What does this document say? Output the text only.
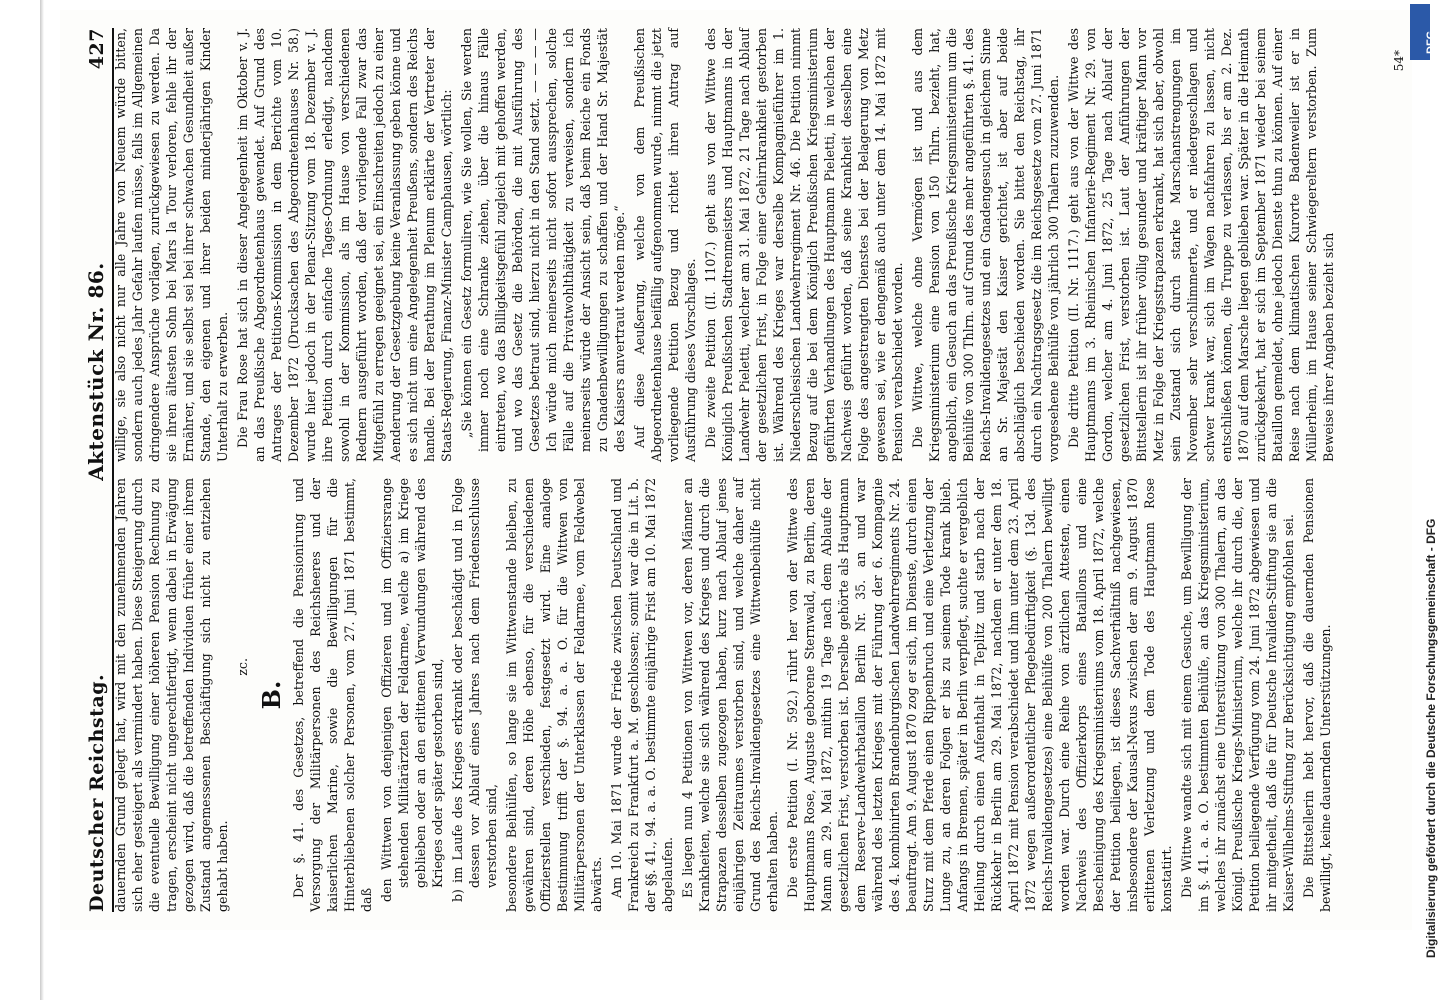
Deutscher Reichstag.
Aktenstück Nr. 86.
427

dauernden Grund gelegt hat, wird mit den zunehmenden Jahren sich eher gesteigert als vermindert haben. Diese Steigerung durch die eventuelle Bewilligung einer höheren Pension Rechnung zu tragen, erscheint nicht ungerechtfertigt, wenn dabei in Erwägung gezogen wird, daß die betreffenden Individuen früher einer ihrem Zustand angemessenen Beschäftigung sich nicht zu entziehen gehabt haben.

zc.

B. Der §. 41. des Gesetzes, betreffend die Pensionirung und Versorgung der Militärpersonen des Reichsheeres und der kaiserlichen Marine, sowie die Bewilligungen für die Hinterbliebenen solcher Personen, vom 27. Juni 1871 bestimmt, daß den Wittwen von denjenigen Offizieren und im Offiziersrange stehenden Militärärzten der Feldarmee, welche a) im Kriege geblieben oder an den erlittenen Verwundungen während des Krieges oder später gestorben sind, b) im Laufe des Krieges erkrankt oder beschädigt und in Folge dessen vor Ablauf eines Jahres nach dem Friedensschlusse verstorben sind, besondere Beihülfen, so lange sie im Wittwenstande bleiben, zu gewähren sind, deren Höhe ebenso, für die verschiedenen Offizierstellen verschieden, festgesetzt wird. Eine analoge Bestimmung trifft der §. 94. a. a. O. für die Wittwen von Militärpersonen der Unterklassen der Feldarmee, vom Feldwebel abwärts. Am 10. Mai 1871 wurde der Friede zwischen Deutschland und Frankreich zu Frankfurt a. M. geschlossen; somit war die in Lit. b. der §§. 41., 94. a. a. O. bestimmte einjährige Frist am 10. Mai 1872 abgelaufen. Es liegen nun 4 Petitionen von Wittwen vor, deren Männer an Krankheiten, welche sie sich während des Krieges und durch die Strapazen desselben zugezogen haben, kurz nach Ablauf jenes einjährigen Zeitraumes verstorben sind, und welche daher auf Grund des Reichs-Invalidengesetzes eine Wittwenbeihülfe nicht erhalten haben. Die erste Petition (I. Nr. 592.) rührt her von der Wittwe des Hauptmanns Rose, Auguste geborene Sternwald, zu Berlin, deren Mann am 29. Mai 1872, mithin 19 Tage nach dem Ablaufe der gesetzlichen Frist, verstorben ist. Derselbe gehörte als Hauptmann dem Reserve-Landwehrbataillon Berlin Nr. 35. an und war während des letzten Krieges mit der Führung der 6. Kompagnie des 4. kombinirten Brandenburgischen Landwehrregiments Nr. 24. beauftragt. Am 9. August 1870 zog er sich, im Dienste, durch einen Sturz mit dem Pferde einen Rippenbruch und eine Verletzung der Lunge zu, an deren Folgen er bis zu seinem Tode krank blieb. Anfangs in Bremen, später in Berlin verpflegt, suchte er vergeblich Heilung durch einen Aufenthalt in Teplitz und starb nach der Rückkehr in Berlin am 29. Mai 1872, nachdem er unter dem 18. April 1872 mit Pension verabschiedet und ihm unter dem 23. April 1872 wegen außerordentlicher Pflegebedürftigkeit (§. 13d. des Reichs-Invalidengesetzes) eine Beihülfe von 200 Thalern bewilligt worden war. Durch eine Reihe von ärztlichen Attesten, einen Nachweis des Offizierkorps eines Bataillons und eine Bescheinigung des Kriegsministeriums vom 18. April 1872, welche der Petition beiliegen, ist dieses Sachverhältniß nachgewiesen, insbesondere der Kausal-Nexus zwischen der am 9. August 1870 erlittenen Verletzung und dem Tode des Hauptmann Rose konstatirt. Die Wittwe wandte sich mit einem Gesuche, um Bewilligung der im §. 41. a. a. O. bestimmten Beihülfe, an das Kriegsministerium, welches ihr zunächst eine Unterstützung von 300 Thalern, an das Königl. Preußische Kriegs-Ministerium, welche ihr durch die, der Petition beiliegende Verfügung vom 24. Juni 1872 abgewiesen und ihr mitgetheilt, daß die für Deutsche Invaliden-Stiftung sie an die Kaiser-Wilhelms-Stiftung zur Berücksichtigung empfohlen sei. Die Bittstellerin hebt hervor, daß die dauernden Pensionen bewilligt, keine dauernden Unterstützungen.

willige, sie also nicht nur alle Jahre von Neuem würde bitten, sondern auch jedes Jahr Gefahr laufen müsse, falls im Allgemeinen dringendere Ansprüche vorlägen, zurückgewiesen zu werden. Da sie ihren ältesten Sohn bei Mars la Tour verloren, fehle ihr der Ernährer, und sie selbst sei bei ihrer schwachen Gesundheit außer Stande, den eigenen und ihrer beiden minderjährigen Kinder Unterhalt zu erwerben. Die Frau Rose hat sich in dieser Angelegenheit im Oktober v. J. an das Preußische Abgeordnetenhaus gewendet. Auf Grund des Antrages der Petitions-Kommission in dem Berichte vom 10. Dezember 1872 (Drucksachen des Abgeordnetenhauses Nr. 58.) wurde hier jedoch in der Plenar-Sitzung vom 18. Dezember v. J. ihre Petition durch einfache Tages-Ordnung erledigt, nachdem sowohl in der Kommission, als im Hause von verschiedenen Rednern ausgeführt worden, daß der vorliegende Fall zwar das Mitgefühl zu erregen geeignet sei, ein Einschreiten jedoch zu einer Aenderung der Gesetzgebung keine Veranlassung geben könne und es sich nicht um eine Angelegenheit Preußens, sondern des Reichs handle. Bei der Berathung im Plenum erklärte der Vertreter der Staats-Regierung, Finanz-Minister Camphausen, wörtlich: „Sie können ein Gesetz formuliren, wie Sie wollen, Sie werden immer noch eine Schranke ziehen, über die hinaus Fälle eintreten, wo das Billigkeitsgefühl zugleich mit gehoffen werden, und wo das Gesetz die Behörden, die mit Ausführung des Gesetzes betraut sind, hierzu nicht in den Stand setzt. — — — — Ich würde mich meinerseits nicht sofort aussprechen, solche Fälle auf die Privatwohlthätigkeit zu verweisen, sondern ich meinerseits würde der Ansicht sein, daß beim Reiche ein Fonds zu Gnadenbewilligungen zu schaffen und der Hand Sr. Majestät des Kaisers anvertraut werden möge.“ Auf diese Aeußerung, welche von dem Preußischen Abgeordnetenhause beifällig aufgenommen wurde, nimmt die jetzt vorliegende Petition Bezug und richtet ihren Antrag auf Ausführung dieses Vorschlages. Die zweite Petition (II. 1107.) geht aus von der Wittwe des Königlich Preußischen Stadtrenmeisters und Hauptmanns in der Landwehr Pieletti, welcher am 31. Mai 1872, 21 Tage nach Ablauf der gesetzlichen Frist, in Folge einer Gehirnkrankheit gestorben ist. Während des Krieges war derselbe Kompagnieführer im 1. Niederschlesischen Landwehrregiment Nr. 46. Die Petition nimmt Bezug auf die bei dem Königlich Preußischen Kriegsministerium geführten Verhandlungen des Hauptmann Pieletti, in welchen der Nachweis geführt worden, daß seine Krankheit desselben eine Folge des angestrengten Dienstes bei der Belagerung von Metz gewesen sei, wie er dengemäß auch unter dem 14. Mai 1872 mit Pension verabschiedet worden. Die Wittwe, welche ohne Vermögen ist und aus dem Kriegsministerium eine Pension von 150 Thlrn. bezieht, hat, angeblich, ein Gesuch an das Preußische Kriegsministerium um die Beihülfe von 300 Thlrn. auf Grund des mehr angeführten §. 41. des Reichs-Invalidengesetzes und ein Gnadengesuch in gleichem Sinne an Sr. Majestät den Kaiser gerichtet, ist aber auf beide abschläglich beschieden worden. Sie bittet den Reichstag, ihr durch ein Nachtragsgesetz die im Reichsgesetze vom 27. Juni 1871 vorgesehene Beihülfe von jährlich 300 Thalern zuzuwenden. Die dritte Petition (II. Nr. 1117.) geht aus von der Wittwe des Hauptmanns im 3. Rheinischen Infanterie-Regiment Nr. 29. von Gordon, welcher am 4. Juni 1872, 25 Tage nach Ablauf der gesetzlichen Frist, verstorben ist. Laut der Anführungen der Bittstellerin ist ihr früher völlig gesunder und kräftiger Mann vor Metz in Folge der Kriegsstrapazen erkrankt, hat sich aber, obwohl sein Zustand sich durch starke Marschanstrengungen im November sehr verschlimmerte, und er niedergeschlagen und schwer krank war, sich im Wagen nachfahren zu lassen, nicht entschließen können, die Truppe zu verlassen, bis er am 2. Dez. 1870 auf dem Marsche liegen geblieben war. Später in die Heimath zurückgekehrt, hat er sich im September 1871 wieder bei seinem Bataillon gemeldet, ohne jedoch Dienste thun zu können. Auf einer Reise nach dem klimatischen Kurorte Badenweiler ist er in Müllerheim, im Hause seiner Schwiegereltern verstorben. Zum Beweise ihrer Angaben bezieht sich

54*
DFG
Digitalisierung gefördert durch die Deutsche Forschungsgemeinschaft - DFG
